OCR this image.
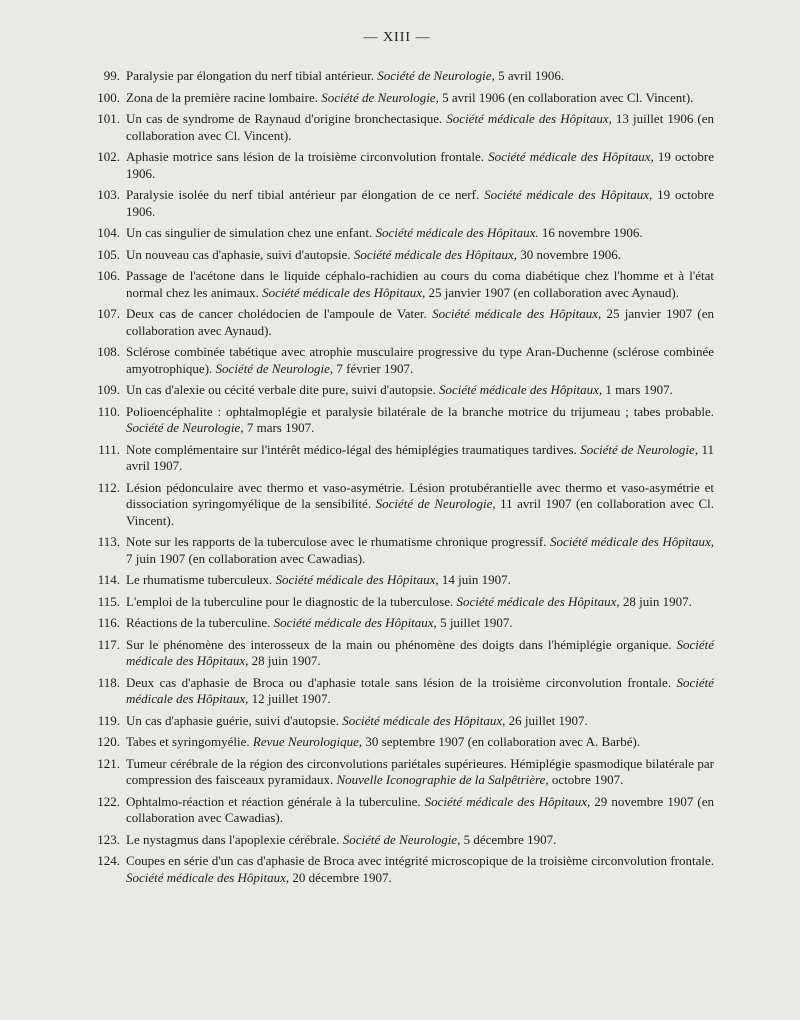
— XIII —
99. Paralysie par élongation du nerf tibial antérieur. Société de Neurologie, 5 avril 1906.
100. Zona de la première racine lombaire. Société de Neurologie, 5 avril 1906 (en collaboration avec Cl. Vincent).
101. Un cas de syndrome de Raynaud d'origine bronchectasique. Société médicale des Hôpitaux, 13 juillet 1906 (en collaboration avec Cl. Vincent).
102. Aphasie motrice sans lésion de la troisième circonvolution frontale. Société médicale des Hôpitaux, 19 octobre 1906.
103. Paralysie isolée du nerf tibial antérieur par élongation de ce nerf. Société médicale des Hôpitaux, 19 octobre 1906.
104. Un cas singulier de simulation chez une enfant. Société médicale des Hôpitaux. 16 novembre 1906.
105. Un nouveau cas d'aphasie, suivi d'autopsie. Société médicale des Hôpitaux, 30 novembre 1906.
106. Passage de l'acétone dans le liquide céphalo-rachidien au cours du coma diabétique chez l'homme et à l'état normal chez les animaux. Société médicale des Hôpitaux, 25 janvier 1907 (en collaboration avec Aynaud).
107. Deux cas de cancer cholédocien de l'ampoule de Vater. Société médicale des Hôpitaux, 25 janvier 1907 (en collaboration avec Aynaud).
108. Sclérose combinée tabétique avec atrophie musculaire progressive du type Aran-Duchenne (sclérose combinée amyotrophique). Société de Neurologie, 7 février 1907.
109. Un cas d'alexie ou cécité verbale dite pure, suivi d'autopsie. Société médicale des Hôpitaux, 1 mars 1907.
110. Polioencéphalite : ophtalmoplégie et paralysie bilatérale de la branche motrice du trijumeau ; tabes probable. Société de Neurologie, 7 mars 1907.
111. Note complémentaire sur l'intérêt médico-légal des hémiplégies traumatiques tardives. Société de Neurologie, 11 avril 1907.
112. Lésion pédonculaire avec thermo et vaso-asymétrie. Lésion protubérantielle avec thermo et vaso-asymétrie et dissociation syringomyélique de la sensibilité. Société de Neurologie, 11 avril 1907 (en collaboration avec Cl. Vincent).
113. Note sur les rapports de la tuberculose avec le rhumatisme chronique progressif. Société médicale des Hôpitaux, 7 juin 1907 (en collaboration avec Cawadias).
114. Le rhumatisme tuberculeux. Société médicale des Hôpitaux, 14 juin 1907.
115. L'emploi de la tuberculine pour le diagnostic de la tuberculose. Société médicale des Hôpitaux, 28 juin 1907.
116. Réactions de la tuberculine. Société médicale des Hôpitaux, 5 juillet 1907.
117. Sur le phénomène des interosseux de la main ou phénomène des doigts dans l'hémiplégie organique. Société médicale des Hôpitaux, 28 juin 1907.
118. Deux cas d'aphasie de Broca ou d'aphasie totale sans lésion de la troisième circonvolution frontale. Société médicale des Hôpitaux, 12 juillet 1907.
119. Un cas d'aphasie guérie, suivi d'autopsie. Société médicale des Hôpitaux, 26 juillet 1907.
120. Tabes et syringomyélie. Revue Neurologique, 30 septembre 1907 (en collaboration avec A. Barbé).
121. Tumeur cérébrale de la région des circonvolutions pariétales supérieures. Hémiplégie spasmodique bilatérale par compression des faisceaux pyramidaux. Nouvelle Iconographie de la Salpêtrière, octobre 1907.
122. Ophtalmo-réaction et réaction générale à la tuberculine. Société médicale des Hôpitaux, 29 novembre 1907 (en collaboration avec Cawadias).
123. Le nystagmus dans l'apoplexie cérébrale. Société de Neurologie, 5 décembre 1907.
124. Coupes en série d'un cas d'aphasie de Broca avec intégrité microscopique de la troisième circonvolution frontale. Société médicale des Hôpitaux, 20 décembre 1907.
